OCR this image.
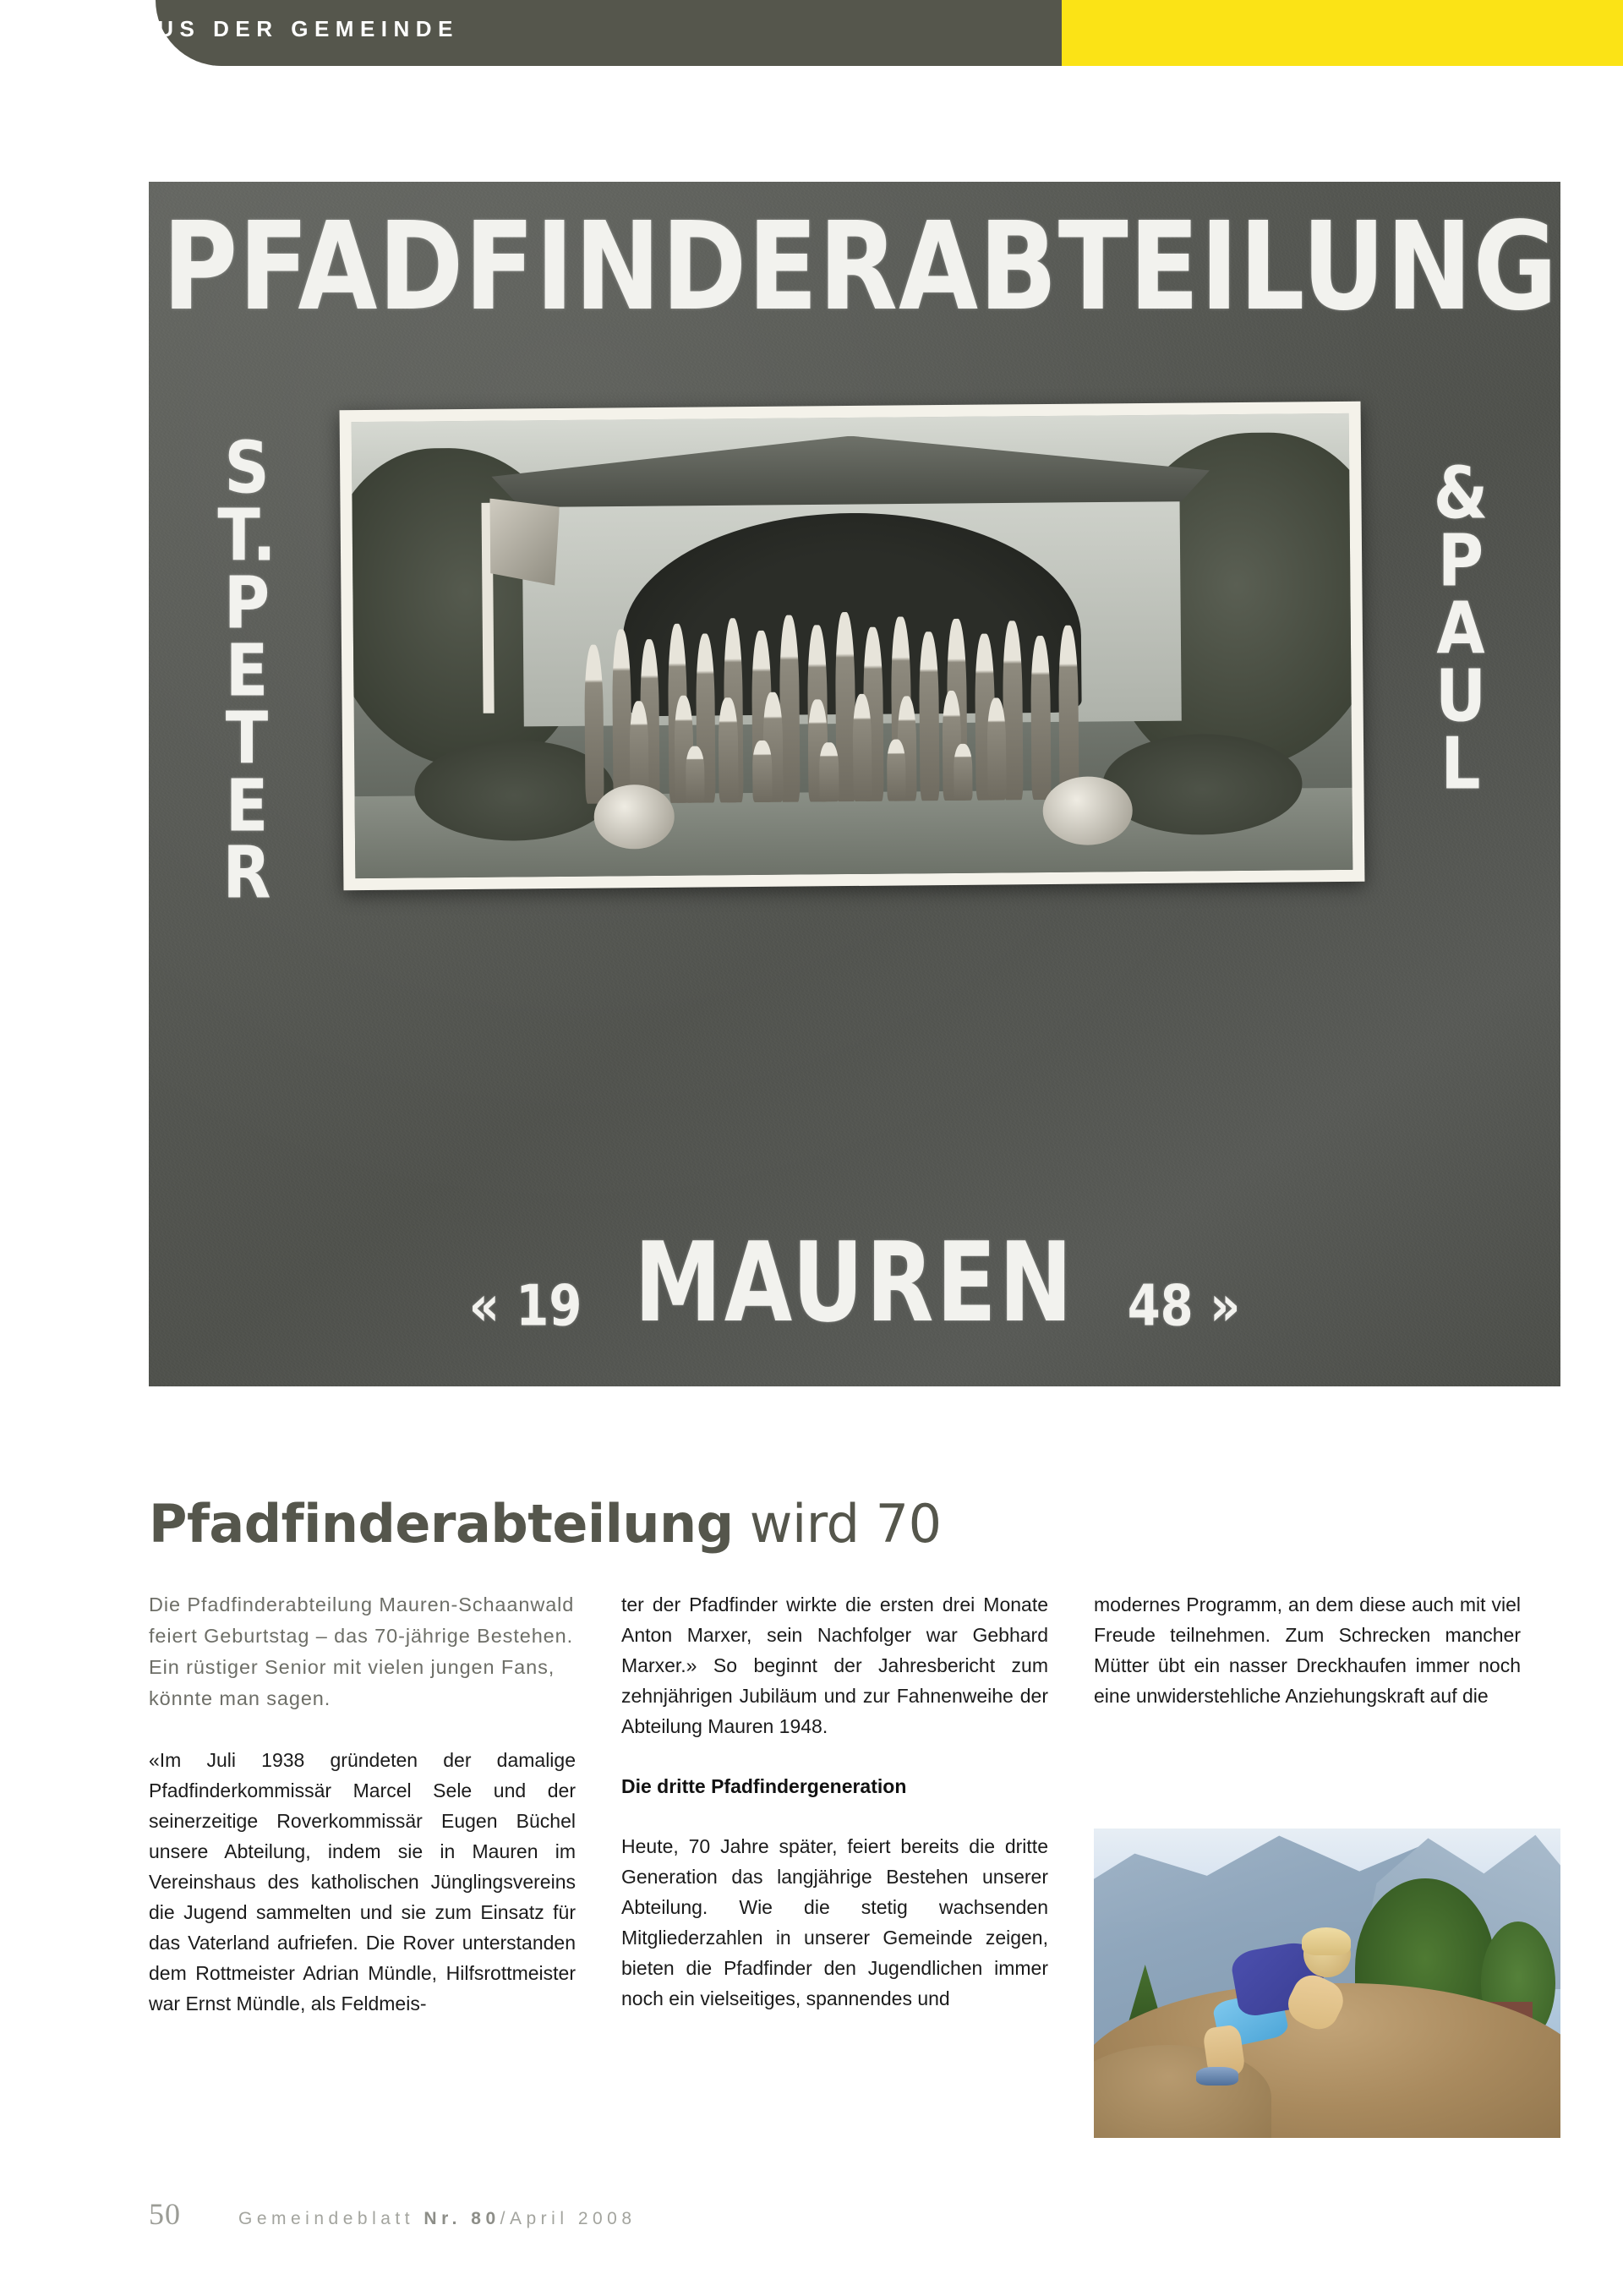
AUS DER GEMEINDE
PFADFINDERABTEILUNG
S
T.
P
E
T
E
R
&
P
A
U
L
« 19 MAUREN 48 »
Pfadfinderabteilung wird 70

Die Pfadfinderabteilung Mauren-Schaanwald feiert Geburtstag – das 70-jährige Bestehen. Ein rüstiger Senior mit vielen jungen Fans, könnte man sagen.

«Im Juli 1938 gründeten der damalige Pfadfinderkommissär Marcel Sele und der seinerzeitige Roverkommissär Eugen Büchel unsere Abteilung, indem sie in Mauren im Vereinshaus des katholischen Jünglingsvereins die Jugend sammelten und sie zum Einsatz für das Vaterland aufriefen. Die Rover unterstanden dem Rottmeister Adrian Mündle, Hilfsrottmeister war Ernst Mündle, als Feldmeis-

ter der Pfadfinder wirkte die ersten drei Monate Anton Marxer, sein Nachfolger war Gebhard Marxer.» So beginnt der Jahresbericht zum zehnjährigen Jubiläum und zur Fahnenweihe der Abteilung Mauren 1948.

Die dritte Pfadfindergeneration

Heute, 70 Jahre später, feiert bereits die dritte Generation das langjährige Bestehen unserer Abteilung. Wie die stetig wachsenden Mitgliederzahlen in unserer Gemeinde zeigen, bieten die Pfadfinder den Jugendlichen immer noch ein vielseitiges, spannendes und

modernes Programm, an dem diese auch mit viel Freude teilnehmen. Zum Schrecken mancher Mütter übt ein nasser Dreckhaufen immer noch eine unwiderstehliche Anziehungskraft auf die

50	Gemeindeblatt Nr. 80/April 2008
